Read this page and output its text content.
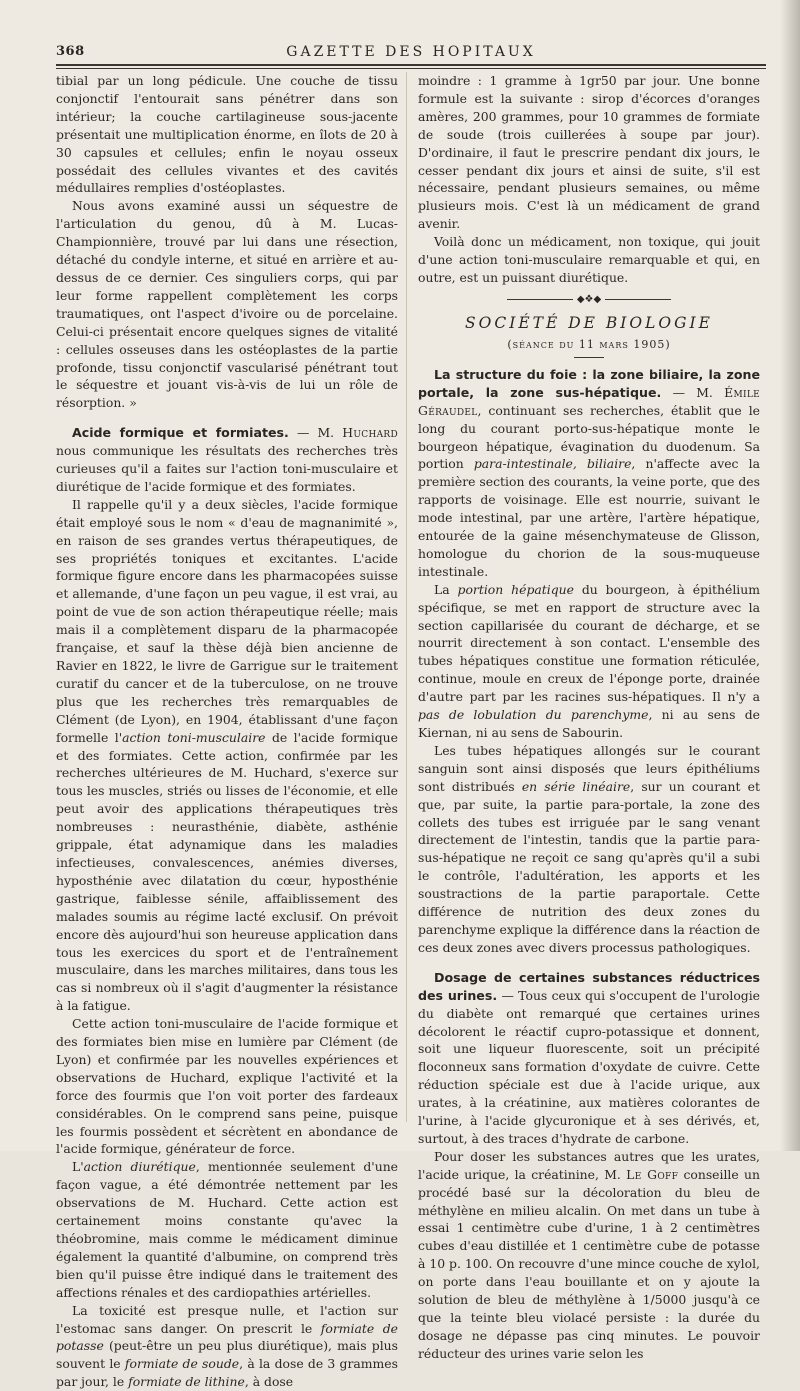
368	GAZETTE DES HOPITAUX

tibial par un long pédicule. Une couche de tissu conjonctif l'entourait sans pénétrer dans son intérieur; la couche cartilagineuse sous-jacente présentait une multiplication énorme, en îlots de 20 à 30 capsules et cellules; enfin le noyau osseux possédait des cellules vivantes et des cavités médullaires remplies d'ostéoplastes.

Nous avons examiné aussi un séquestre de l'articulation du genou, dû à M. Lucas-Championnière, trouvé par lui dans une résection, détaché du condyle interne, et situé en arrière et au-dessus de ce dernier. Ces singuliers corps, qui par leur forme rappellent complètement les corps traumatiques, ont l'aspect d'ivoire ou de porcelaine. Celui-ci présentait encore quelques signes de vitalité : cellules osseuses dans les ostéoplastes de la partie profonde, tissu conjonctif vascularisé pénétrant tout le séquestre et jouant vis-à-vis de lui un rôle de résorption. »

Acide formique et formiates. — M. Huchard nous communique les résultats des recherches très curieuses qu'il a faites sur l'action toni-musculaire et diurétique de l'acide formique et des formiates.

Il rappelle qu'il y a deux siècles, l'acide formique était employé sous le nom « d'eau de magnanimité », en raison de ses grandes vertus thérapeutiques, de ses propriétés toniques et excitantes. L'acide formique figure encore dans les pharmacopées suisse et allemande, d'une façon un peu vague, il est vrai, au point de vue de son action thérapeutique réelle; mais mais il a complètement disparu de la pharmacopée française, et sauf la thèse déjà bien ancienne de Ravier en 1822, le livre de Garrigue sur le traitement curatif du cancer et de la tuberculose, on ne trouve plus que les recherches très remarquables de Clément (de Lyon), en 1904, établissant d'une façon formelle l'action toni-musculaire de l'acide formique et des formiates. Cette action, confirmée par les recherches ultérieures de M. Huchard, s'exerce sur tous les muscles, striés ou lisses de l'économie, et elle peut avoir des applications thérapeutiques très nombreuses : neurasthénie, diabète, asthénie grippale, état adynamique dans les maladies infectieuses, convalescences, anémies diverses, hyposthénie avec dilatation du cœur, hyposthénie gastrique, faiblesse sénile, affaiblissement des malades soumis au régime lacté exclusif. On prévoit encore dès aujourd'hui son heureuse application dans tous les exercices du sport et de l'entraînement musculaire, dans les marches militaires, dans tous les cas si nombreux où il s'agit d'augmenter la résistance à la fatigue.

Cette action toni-musculaire de l'acide formique et des formiates bien mise en lumière par Clément (de Lyon) et confirmée par les nouvelles expériences et observations de Huchard, explique l'activité et la force des fourmis que l'on voit porter des fardeaux considérables. On le comprend sans peine, puisque les fourmis possèdent et sécrètent en abondance de l'acide formique, générateur de force.

L'action diurétique, mentionnée seulement d'une façon vague, a été démontrée nettement par les observations de M. Huchard. Cette action est certainement moins constante qu'avec la théobromine, mais comme le médicament diminue également la quantité d'albumine, on comprend très bien qu'il puisse être indiqué dans le traitement des affections rénales et des cardiopathies artérielles.

La toxicité est presque nulle, et l'action sur l'estomac sans danger. On prescrit le formiate de potasse (peut-être un peu plus diurétique), mais plus souvent le formiate de soude, à la dose de 3 grammes par jour, le formiate de lithine, à dose

moindre : 1 gramme à 1gr50 par jour. Une bonne formule est la suivante : sirop d'écorces d'oranges amères, 200 grammes, pour 10 grammes de formiate de soude (trois cuillerées à soupe par jour). D'ordinaire, il faut le prescrire pendant dix jours, le cesser pendant dix jours et ainsi de suite, s'il est nécessaire, pendant plusieurs semaines, ou même plusieurs mois. C'est là un médicament de grand avenir.

Voilà donc un médicament, non toxique, qui jouit d'une action toni-musculaire remarquable et qui, en outre, est un puissant diurétique.

◆❖◆
SOCIÉTÉ DE BIOLOGIE
(séance du 11 mars 1905)

La structure du foie : la zone biliaire, la zone portale, la zone sus-hépatique. — M. Émile Géraudel, continuant ses recherches, établit que le long du courant porto-sus-hépatique monte le bourgeon hépatique, évagination du duodenum. Sa portion para-intestinale, biliaire, n'affecte avec la première section des courants, la veine porte, que des rapports de voisinage. Elle est nourrie, suivant le mode intestinal, par une artère, l'artère hépatique, entourée de la gaine mésenchymateuse de Glisson, homologue du chorion de la sous-muqueuse intestinale.

La portion hépatique du bourgeon, à épithélium spécifique, se met en rapport de structure avec la section capillarisée du courant de décharge, et se nourrit directement à son contact. L'ensemble des tubes hépatiques constitue une formation réticulée, continue, moule en creux de l'éponge porte, drainée d'autre part par les racines sus-hépatiques. Il n'y a pas de lobulation du parenchyme, ni au sens de Kiernan, ni au sens de Sabourin.

Les tubes hépatiques allongés sur le courant sanguin sont ainsi disposés que leurs épithéliums sont distribués en série linéaire, sur un courant et que, par suite, la partie para-portale, la zone des collets des tubes est irriguée par le sang venant directement de l'intestin, tandis que la partie para-sus-hépatique ne reçoit ce sang qu'après qu'il a subi le contrôle, l'adultération, les apports et les soustractions de la partie paraportale. Cette différence de nutrition des deux zones du parenchyme explique la différence dans la réaction de ces deux zones avec divers processus pathologiques.

Dosage de certaines substances réductrices des urines. — Tous ceux qui s'occupent de l'urologie du diabète ont remarqué que certaines urines décolorent le réactif cupro-potassique et donnent, soit une liqueur fluorescente, soit un précipité floconneux sans formation d'oxydate de cuivre. Cette réduction spéciale est due à l'acide urique, aux urates, à la créatinine, aux matières colorantes de l'urine, à l'acide glycuronique et à ses dérivés, et, surtout, à des traces d'hydrate de carbone.

Pour doser les substances autres que les urates, l'acide urique, la créatinine, M. Le Goff conseille un procédé basé sur la décoloration du bleu de méthylène en milieu alcalin. On met dans un tube à essai 1 centimètre cube d'urine, 1 à 2 centimètres cubes d'eau distillée et 1 centimètre cube de potasse à 10 p. 100. On recouvre d'une mince couche de xylol, on porte dans l'eau bouillante et on y ajoute la solution de bleu de méthylène à 1/5000 jusqu'à ce que la teinte bleu violacé persiste : la durée du dosage ne dépasse pas cinq minutes. Le pouvoir réducteur des urines varie selon les
